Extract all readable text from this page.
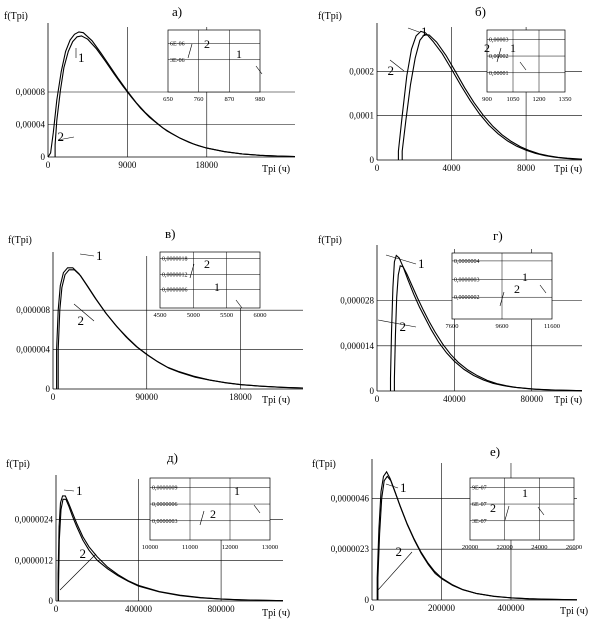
0
0,00004
0,00008
0	9000	18000
f(Tpi)
Tpi (ч)
а)
1
2
650	760	870	980
6E-06
3E-06
2
1
0
0,0001
0,0002
0	4000	8000
f(Tpi)
Tpi (ч)
б)
1
2
900 1050 1200 1350
0,00003
0,00002
0,00001
2 1
0
0,000004
0,000008
0	90000	18000
f(Tpi)
Tpi (ч)
в)
1
2	4500	5000	5500	6000
0,0000018
0,0000012
0,0000006
2
1
0
0,000014
0,000028
0	40000	80000
f(Tpi)
Tpi (ч)
г)
1
2	7600	9600	11600
0,0000004
0,0000003
0,0000002
2
1
0
0,0000012
0,0000024
0	400000	800000
f(Tpi)
Tpi (ч)
д)
1
2	10000	11000	12000	13000
0,0000009
0,0000006
0,0000003
2
1
0
0,0000023
0,0000046
0	200000	400000
f(Tpi)
Tpi (ч)
е)
1
2	20000	22000	24000	26000
9E-07
6E-07
3E-07
2
1
